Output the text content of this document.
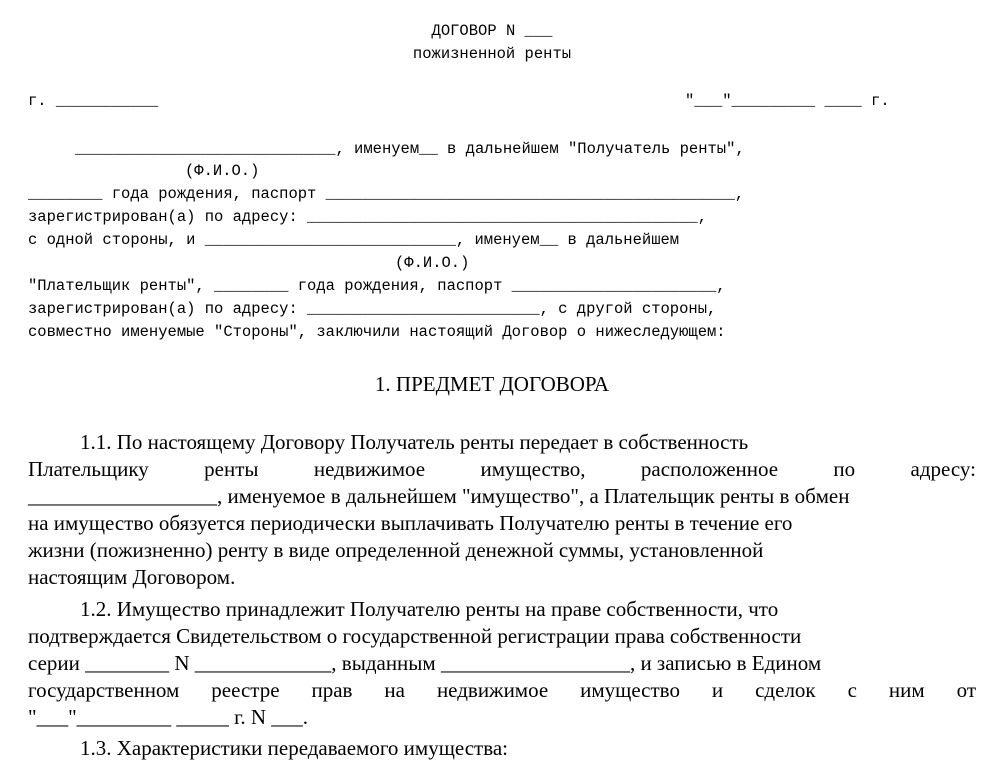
ДОГОВОР N ___
пожизненной ренты
г. ___________	"___"_________ ____ г.
____________________________, именуем__ в дальнейшем "Получатель ренты",
(Ф.И.О.)
________ года рождения, паспорт ____________________________________________,
зарегистрирован(а) по адресу: __________________________________________,
с одной стороны, и ___________________________, именуем__ в дальнейшем
(Ф.И.О.)
"Плательщик ренты", ________ года рождения, паспорт ______________________,
зарегистрирован(а) по адресу: _________________________, с другой стороны,
совместно именуемые "Стороны", заключили настоящий Договор о нижеследующем:
1. ПРЕДМЕТ ДОГОВОРА
1.1. По настоящему Договору Получатель ренты передает в собственность
Плательщику ренты недвижимое имущество, расположенное по адресу:
__________________, именуемое в дальнейшем "имущество", а Плательщик ренты в обмен
на имущество обязуется периодически выплачивать Получателю ренты в течение его
жизни (пожизненно) ренту в виде определенной денежной суммы, установленной
настоящим Договором.
1.2. Имущество принадлежит Получателю ренты на праве собственности, что
подтверждается Свидетельством о государственной регистрации права собственности
серии ________ N _____________, выданным __________________, и записью в Едином
государственном реестре прав на недвижимое имущество и сделок с ним от
"___"_________ _____ г. N ___.
1.3. Характеристики передаваемого имущества:
